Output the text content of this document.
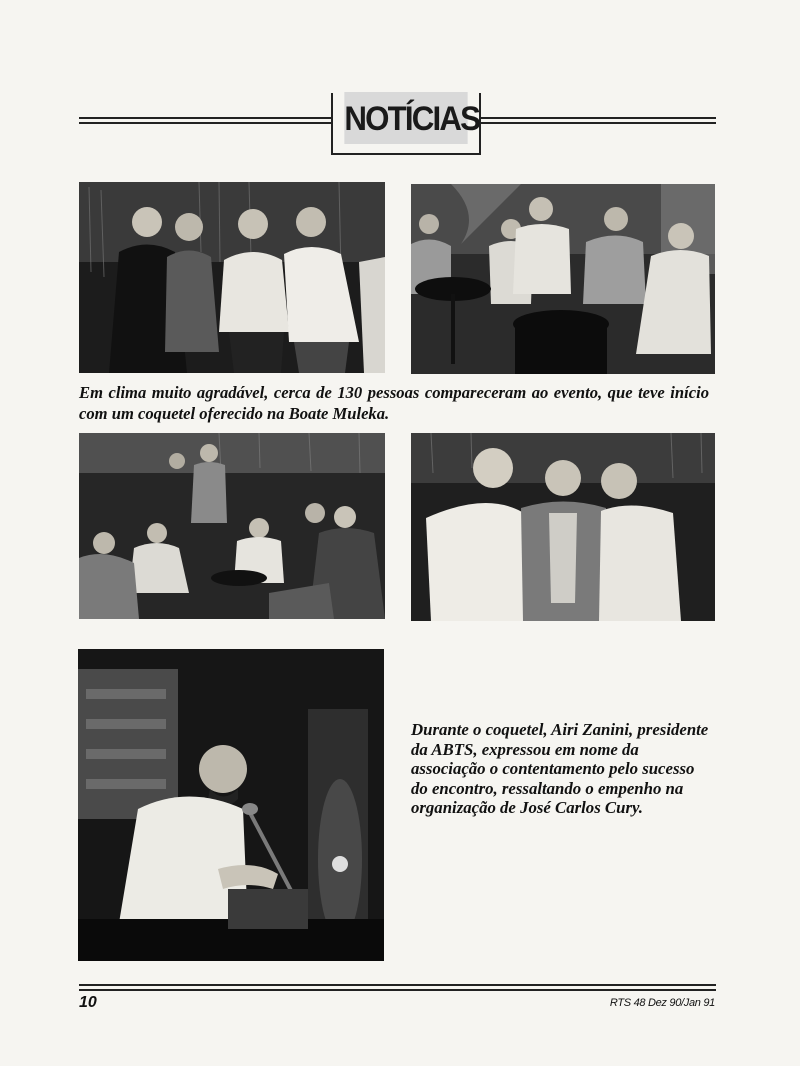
NOTÍCIAS

Em clima muito agradável, cerca de 130 pessoas compareceram ao evento, que teve início com um coquetel oferecido na Boate Muleka.

Durante o coquetel, Airi Zanini, presidente da ABTS, expressou em nome da associação o contentamento pelo sucesso do encontro, ressaltando o empenho na organização de José Carlos Cury.

10	RTS 48 Dez 90/Jan 91
